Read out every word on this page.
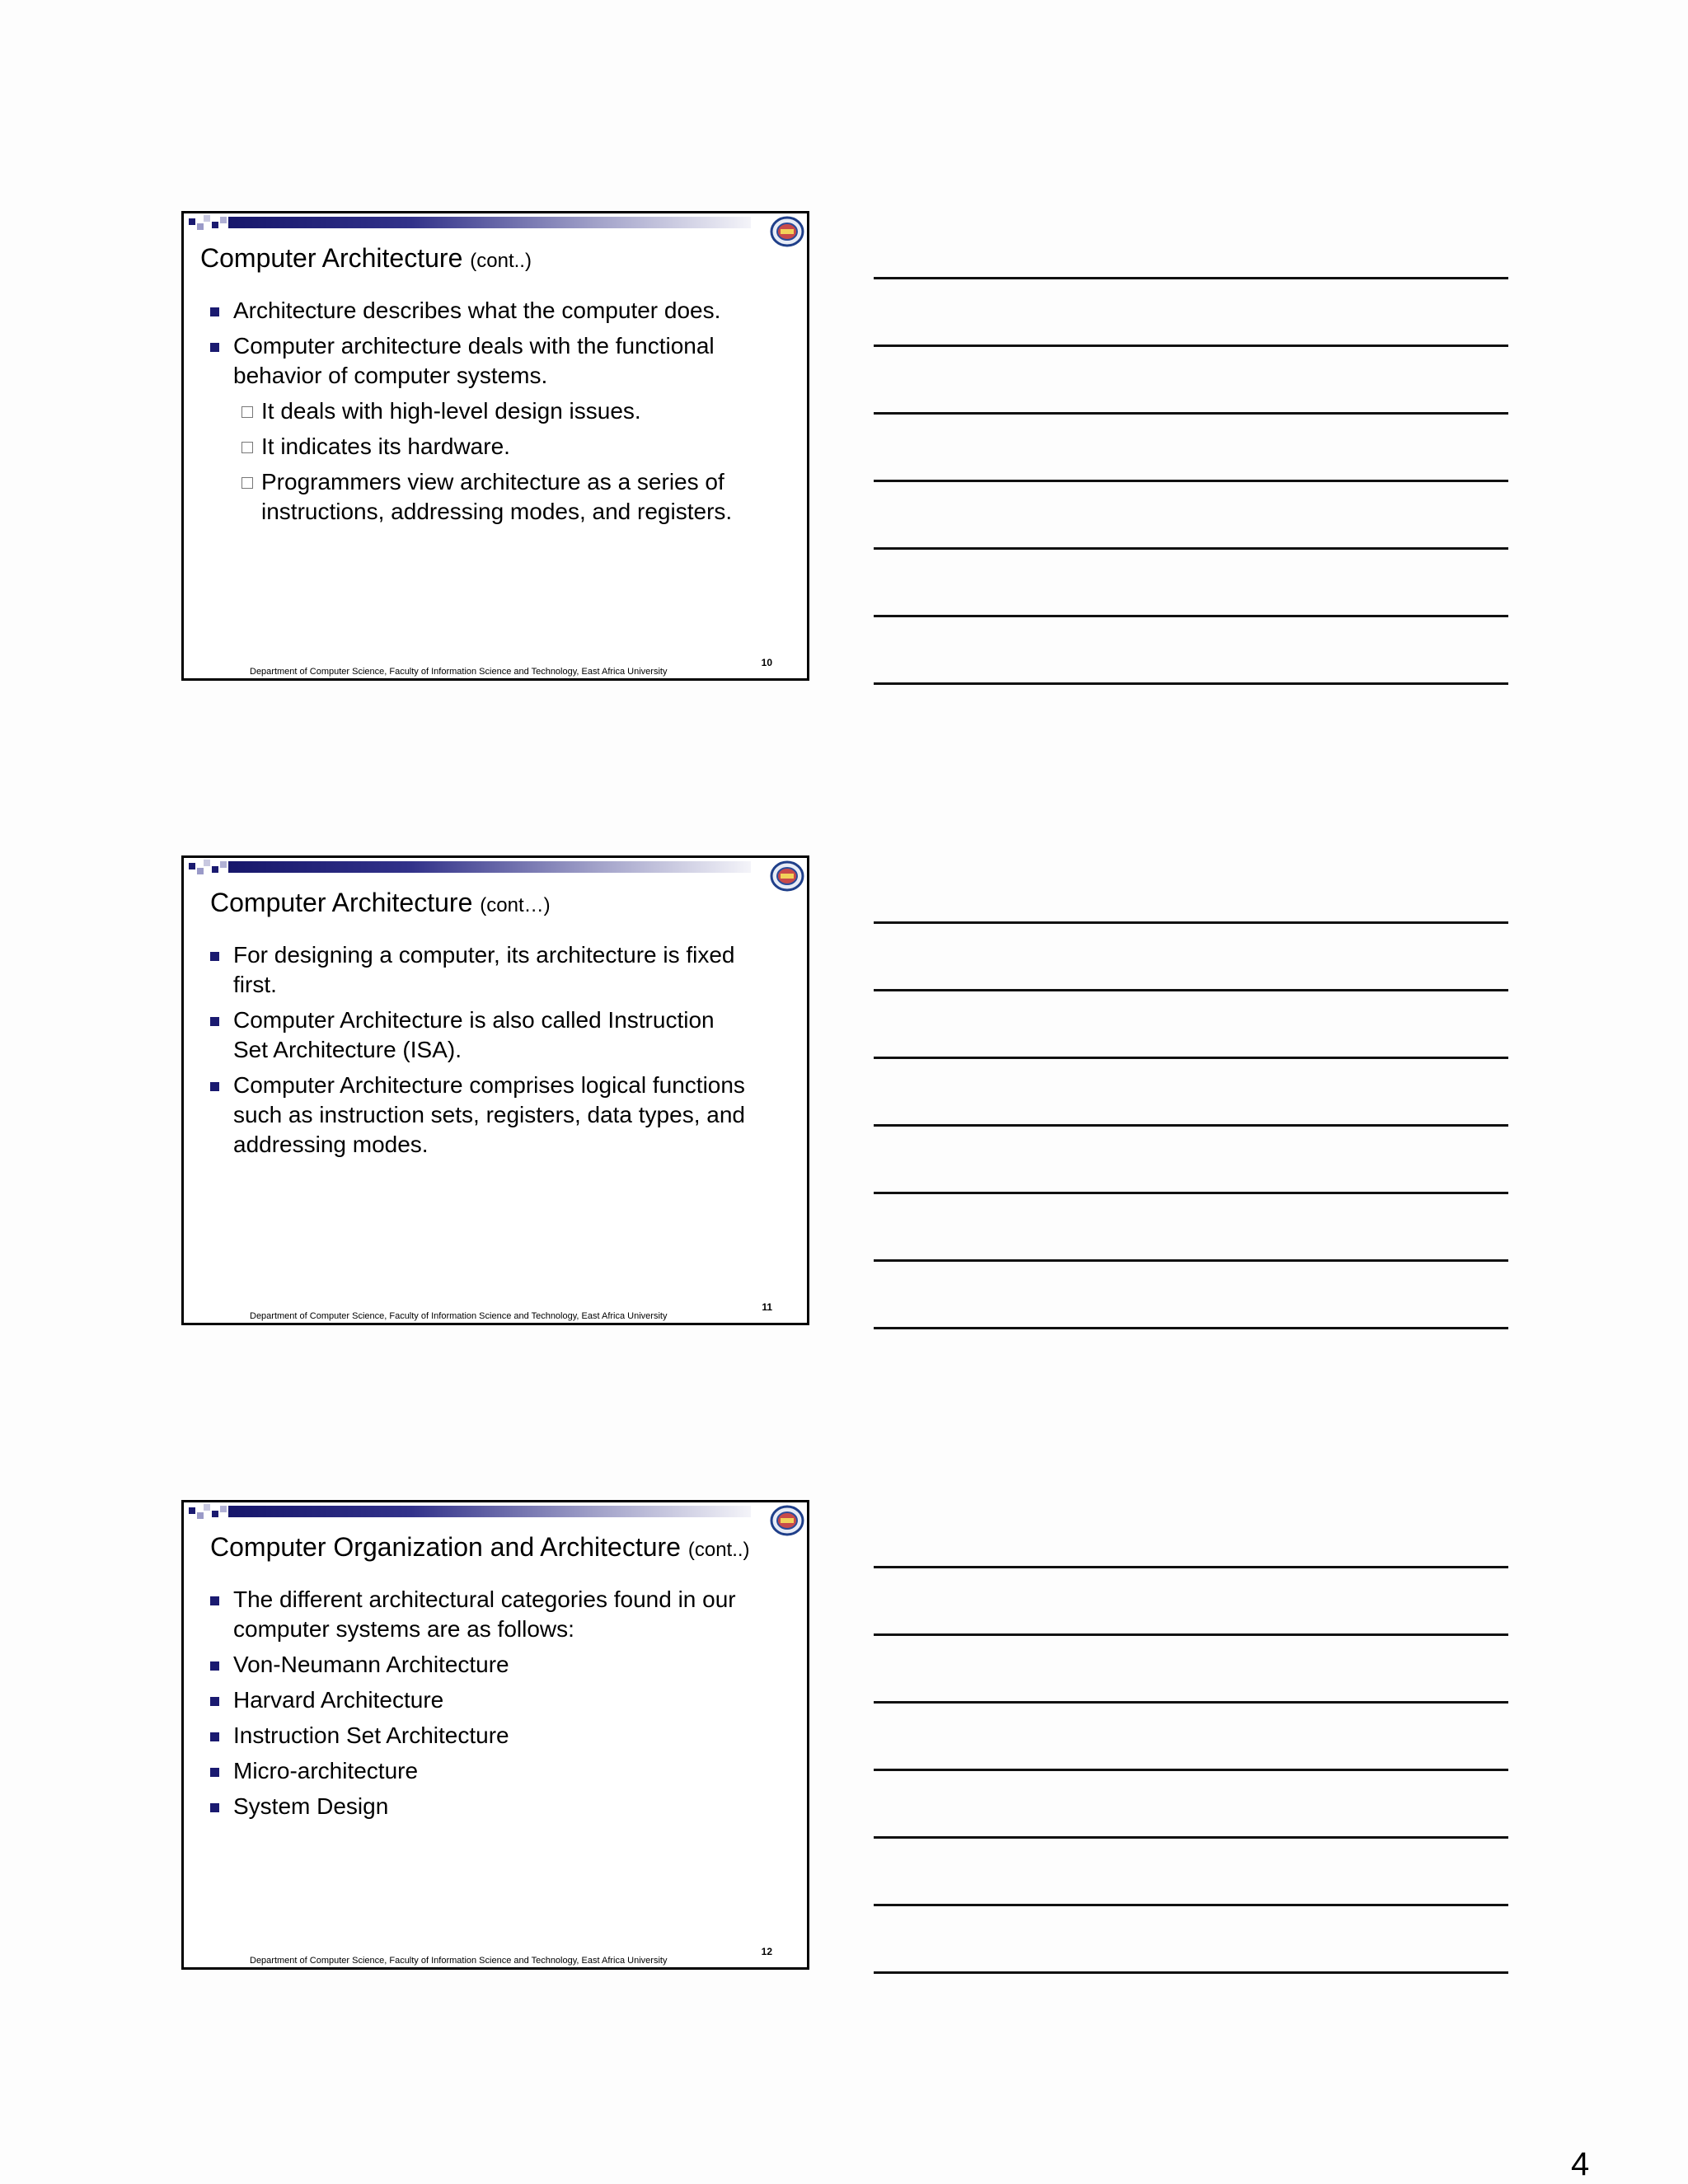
Computer Architecture (cont..)
Architecture describes what the computer does.
Computer architecture deals with the functional behavior of computer systems.
It deals with high-level design issues.
It indicates its hardware.
Programmers view architecture as a series of instructions, addressing modes, and registers.
10
Department of Computer Science, Faculty of Information Science and Technology, East Africa University
Computer Architecture (cont…)
For designing a computer, its architecture is fixed first.
Computer Architecture is also called Instruction Set Architecture (ISA).
Computer Architecture comprises logical functions such as instruction sets, registers, data types, and addressing modes.
11
Department of Computer Science, Faculty of Information Science and Technology, East Africa University
Computer Organization and Architecture (cont..)
The different architectural categories found in our computer systems are as follows:
Von-Neumann Architecture
Harvard Architecture
Instruction Set Architecture
Micro-architecture
System Design
12
Department of Computer Science, Faculty of Information Science and Technology, East Africa University
4
